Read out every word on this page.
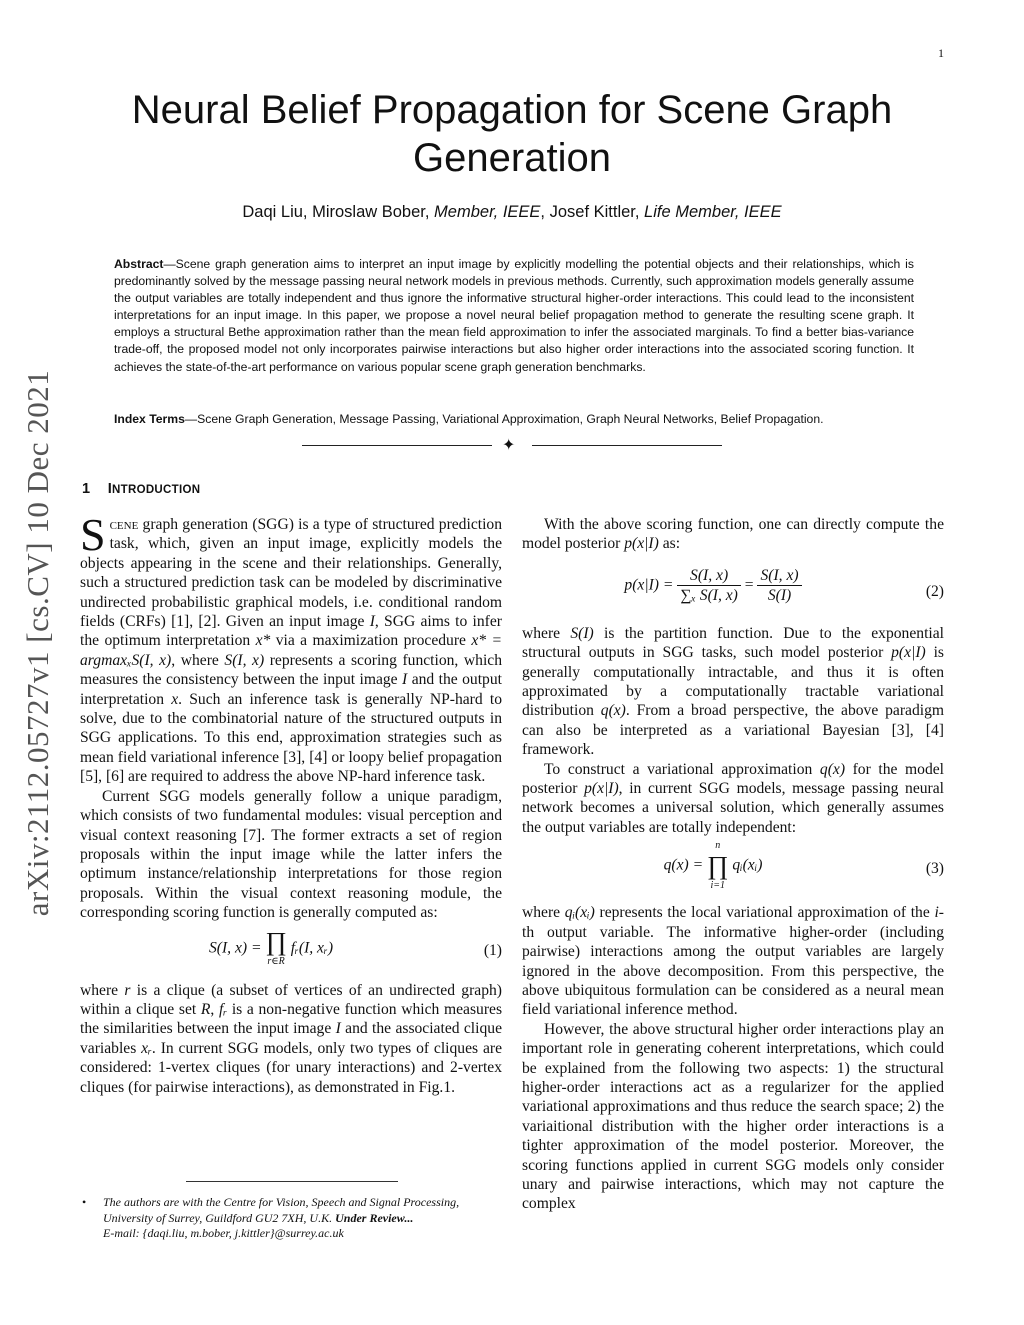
1
Neural Belief Propagation for Scene Graph Generation
Daqi Liu, Miroslaw Bober, Member, IEEE, Josef Kittler, Life Member, IEEE
Abstract—Scene graph generation aims to interpret an input image by explicitly modelling the potential objects and their relationships, which is predominantly solved by the message passing neural network models in previous methods. Currently, such approximation models generally assume the output variables are totally independent and thus ignore the informative structural higher-order interactions. This could lead to the inconsistent interpretations for an input image. In this paper, we propose a novel neural belief propagation method to generate the resulting scene graph. It employs a structural Bethe approximation rather than the mean field approximation to infer the associated marginals. To find a better bias-variance trade-off, the proposed model not only incorporates pairwise interactions but also higher order interactions into the associated scoring function. It achieves the state-of-the-art performance on various popular scene graph generation benchmarks.
Index Terms—Scene Graph Generation, Message Passing, Variational Approximation, Graph Neural Networks, Belief Propagation.
✦
arXiv:2112.05727v1 [cs.CV] 10 Dec 2021 1 INTRODUCTION

Scene graph generation (SGG) is a type of structured prediction task, which, given an input image, explicitly models the objects appearing in the scene and their relationships. Generally, such a structured prediction task can be modeled by discriminative undirected probabilistic graphical models, i.e. conditional random fields (CRFs) [1], [2]. Given an input image I, SGG aims to infer the optimum interpretation x* via a maximization procedure x* = argmaxₓS(I, x), where S(I, x) represents a scoring function, which measures the consistency between the input image I and the output interpretation x. Such an inference task is generally NP-hard to solve, due to the combinatorial nature of the structured outputs in SGG applications. To this end, approximation strategies such as mean field variational inference [3], [4] or loopy belief propagation [5], [6] are required to address the above NP-hard inference task.

Current SGG models generally follow a unique paradigm, which consists of two fundamental modules: visual perception and visual context reasoning [7]. The former extracts a set of region proposals within the input image while the latter infers the optimum instance/relationship interpretations for those region proposals. Within the visual context reasoning module, the corresponding scoring function is generally computed as:

S(I, x) = ∏
r∈R
fᵣ(I, xᵣ)	(1)

where r is a clique (a subset of vertices of an undirected graph) within a clique set R, fᵣ is a non-negative function which measures the similarities between the input image I and the associated clique variables xᵣ. In current SGG models, only two types of cliques are considered: 1-vertex cliques (for unary interactions) and 2-vertex cliques (for pairwise interactions), as demonstrated in Fig.1.

• The authors are with the Centre for Vision, Speech and Signal Processing, University of Surrey, Guildford GU2 7XH, U.K. Under Review...
E-mail: {daqi.liu, m.bober, j.kittler}@surrey.ac.uk

With the above scoring function, one can directly compute the model posterior p(x|I) as:

$p(x|I) = \frac{S(I, x)}{\text{∑ₓ S(I, x)}} = \frac{S(I, x)}{S(I)}$	(2)

where S(I) is the partition function. Due to the exponential structural outputs in SGG tasks, such model posterior p(x|I) is generally computationally intractable, and thus it is often approximated by a computationally tractable variational distribution q(x). From a broad perspective, the above paradigm can also be interpreted as a variational Bayesian [3], [4] framework.

To construct a variational approximation q(x) for the model posterior p(x|I), in current SGG models, message passing neural network becomes a universal solution, which generally assumes the output variables are totally independent:

q(x) =
n
∏
i=1
qᵢ(xᵢ)	(3)

where qᵢ(xᵢ) represents the local variational approximation of the i-th output variable. The informative higher-order (including pairwise) interactions among the output variables are largely ignored in the above decomposition. From this perspective, the above ubiquitous formulation can be considered as a neural mean field variational inference method.

However, the above structural higher order interactions play an important role in generating coherent interpretations, which could be explained from the following two aspects: 1) the structural higher-order interactions act as a regularizer for the applied variational approximations and thus reduce the search space; 2) the variaitional distribution with the higher order interactions is a tighter approximation of the model posterior. Moreover, the scoring functions applied in current SGG models only consider unary and pairwise interactions, which may not capture the complex
